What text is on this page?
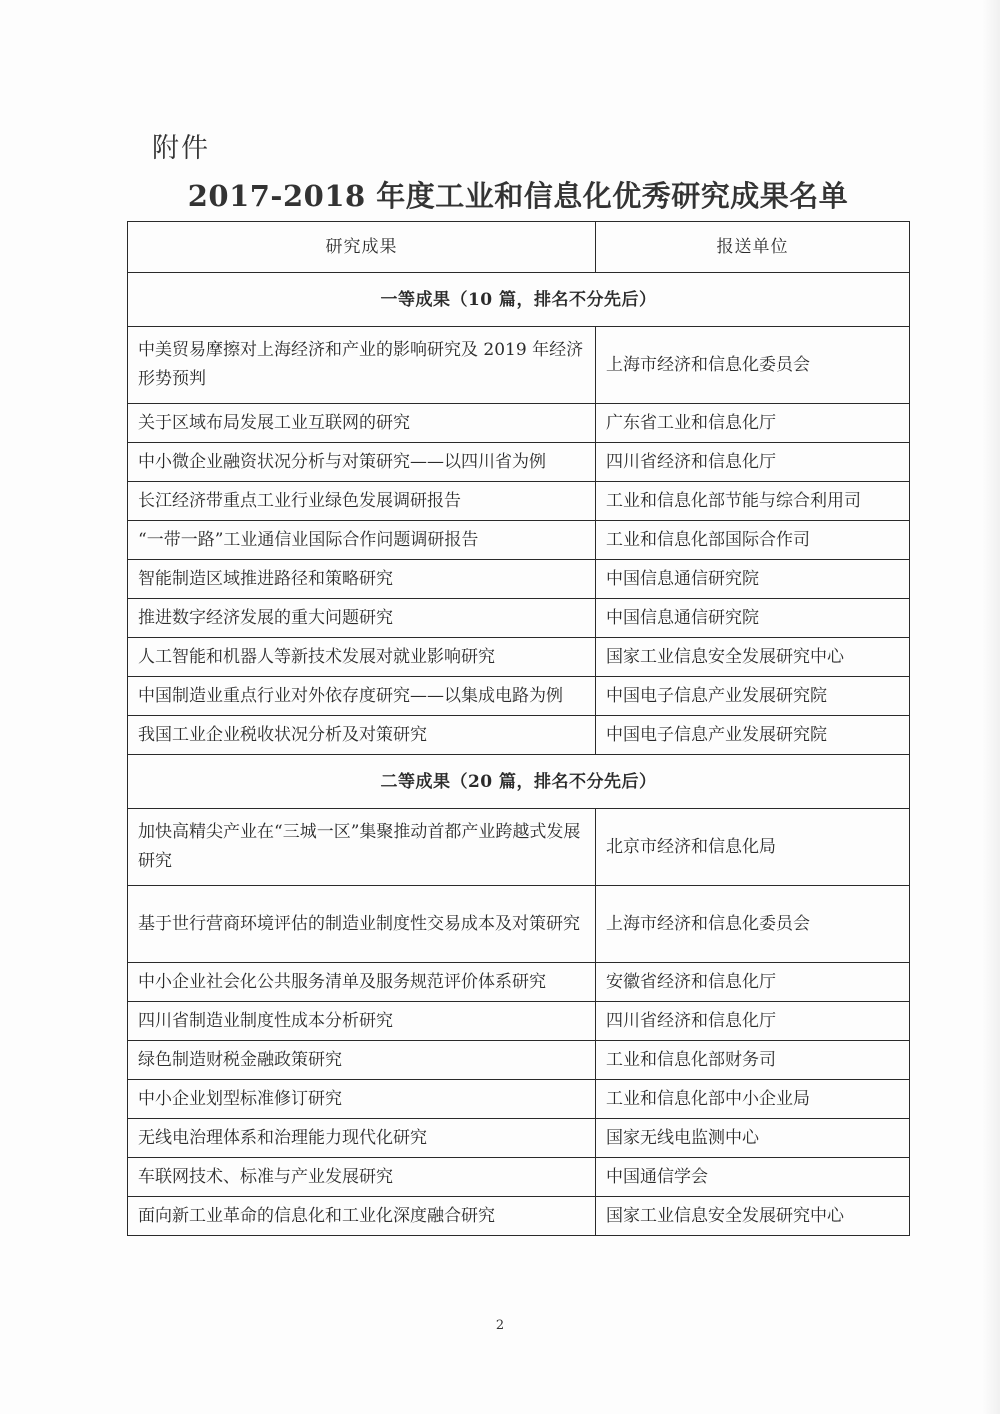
附件
2017-2018 年度工业和信息化优秀研究成果名单
研究成果	报送单位
一等成果（10 篇，排名不分先后）	
中美贸易摩擦对上海经济和产业的影响研究及 2019 年经济形势预判	上海市经济和信息化委员会
关于区域布局发展工业互联网的研究	广东省工业和信息化厅
中小微企业融资状况分析与对策研究——以四川省为例	四川省经济和信息化厅
长江经济带重点工业行业绿色发展调研报告	工业和信息化部节能与综合利用司
“一带一路”工业通信业国际合作问题调研报告	工业和信息化部国际合作司
智能制造区域推进路径和策略研究	中国信息通信研究院
推进数字经济发展的重大问题研究	中国信息通信研究院
人工智能和机器人等新技术发展对就业影响研究	国家工业信息安全发展研究中心
中国制造业重点行业对外依存度研究——以集成电路为例	中国电子信息产业发展研究院
我国工业企业税收状况分析及对策研究	中国电子信息产业发展研究院
二等成果（20 篇，排名不分先后）	
加快高精尖产业在“三城一区”集聚推动首都产业跨越式发展研究	北京市经济和信息化局
基于世行营商环境评估的制造业制度性交易成本及对策研究	上海市经济和信息化委员会
中小企业社会化公共服务清单及服务规范评价体系研究	安徽省经济和信息化厅
四川省制造业制度性成本分析研究	四川省经济和信息化厅
绿色制造财税金融政策研究	工业和信息化部财务司
中小企业划型标准修订研究	工业和信息化部中小企业局
无线电治理体系和治理能力现代化研究	国家无线电监测中心
车联网技术、标准与产业发展研究	中国通信学会
面向新工业革命的信息化和工业化深度融合研究	国家工业信息安全发展研究中心
2
